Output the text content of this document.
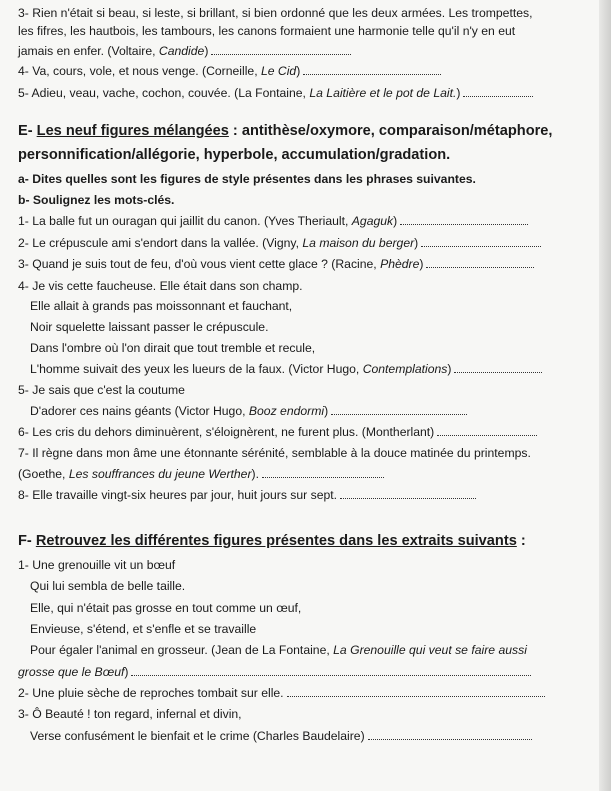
3- Rien n'était si beau, si leste, si brillant, si bien ordonné que les deux armées. Les trompettes,
les fifres, les hautbois, les tambours, les canons formaient une harmonie telle qu'il n'y en eut
jamais en enfer. (Voltaire, Candide)
4- Va, cours, vole, et nous venge. (Corneille, Le Cid)
5- Adieu, veau, vache, cochon, couvée. (La Fontaine, La Laitière et le pot de Lait.)
E- Les neuf figures mélangées : antithèse/oxymore, comparaison/métaphore,
personnification/allégorie, hyperbole, accumulation/gradation.
a- Dites quelles sont les figures de style présentes dans les phrases suivantes.
b- Soulignez les mots-clés.
1- La balle fut un ouragan qui jaillit du canon. (Yves Theriault, Agaguk)
2- Le crépuscule ami s'endort dans la vallée. (Vigny, La maison du berger)
3- Quand je suis tout de feu, d'où vous vient cette glace ? (Racine, Phèdre)
4- Je vis cette faucheuse. Elle était dans son champ.
Elle allait à grands pas moissonnant et fauchant,
Noir squelette laissant passer le crépuscule.
Dans l'ombre où l'on dirait que tout tremble et recule,
L'homme suivait des yeux les lueurs de la faux. (Victor Hugo, Contemplations)
5- Je sais que c'est la coutume
D'adorer ces nains géants (Victor Hugo, Booz endormi)
6- Les cris du dehors diminuèrent, s'éloignèrent, ne furent plus. (Montherlant)
7- Il règne dans mon âme une étonnante sérénité, semblable à la douce matinée du printemps.
(Goethe, Les souffrances du jeune Werther).
8- Elle travaille vingt-six heures par jour, huit jours sur sept.
F- Retrouvez les différentes figures présentes dans les extraits suivants :
1- Une grenouille vit un bœuf
Qui lui sembla de belle taille.
Elle, qui n'était pas grosse en tout comme un œuf,
Envieuse, s'étend, et s'enfle et se travaille
Pour égaler l'animal en grosseur. (Jean de La Fontaine, La Grenouille qui veut se faire aussi
grosse que le Bœuf)
2- Une pluie sèche de reproches tombait sur elle.
3- Ô Beauté ! ton regard, infernal et divin,
Verse confusément le bienfait et le crime (Charles Baudelaire)
